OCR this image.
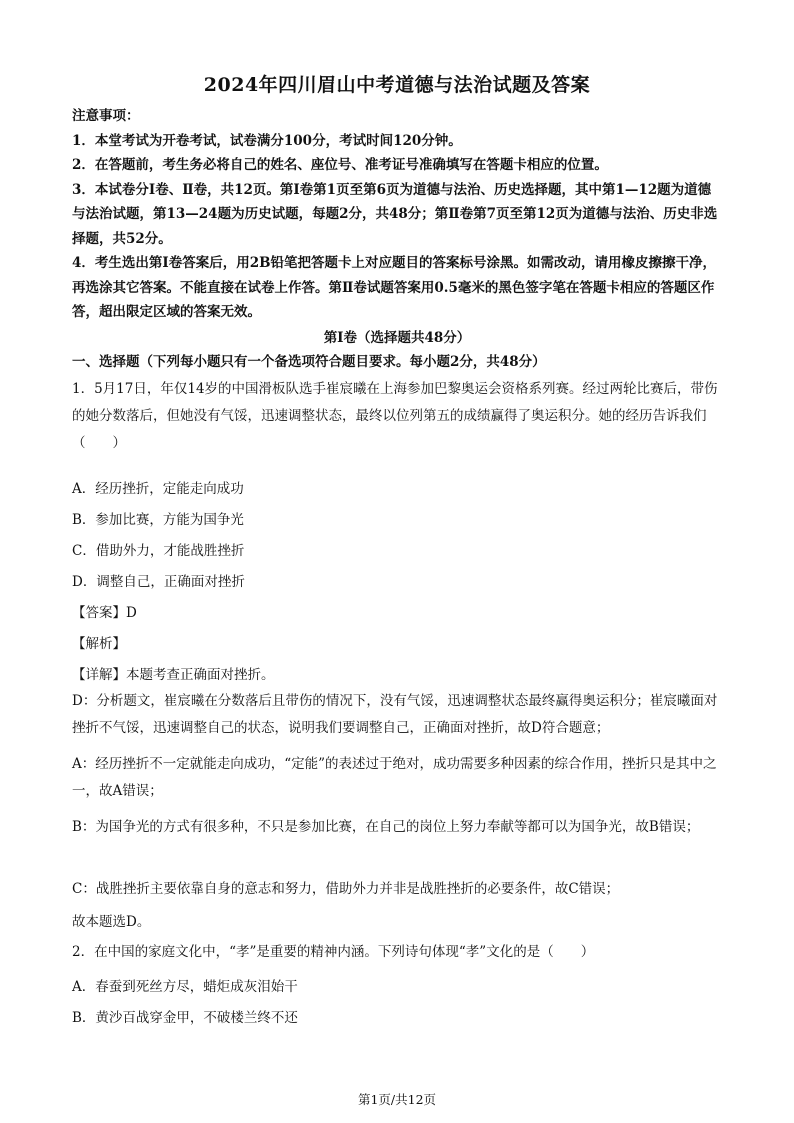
2024年四川眉山中考道德与法治试题及答案

注意事项：

1．本堂考试为开卷考试，试卷满分100分，考试时间120分钟。

2．在答题前，考生务必将自己的姓名、座位号、准考证号准确填写在答题卡相应的位置。

3．本试卷分Ⅰ卷、Ⅱ卷，共12页。第Ⅰ卷第1页至第6页为道德与法治、历史选择题，其中第1—12题为道德与法治试题，第13—24题为历史试题，每题2分，共48分；第Ⅱ卷第7页至第12页为道德与法治、历史非选择题，共52分。

4．考生选出第Ⅰ卷答案后，用2B铅笔把答题卡上对应题目的答案标号涂黑。如需改动，请用橡皮擦擦干净，再选涂其它答案。不能直接在试卷上作答。第Ⅱ卷试题答案用0.5毫米的黑色签字笔在答题卡相应的答题区作答，超出限定区域的答案无效。

第Ⅰ卷（选择题共48分）
一、选择题（下列每小题只有一个备选项符合题目要求。每小题2分，共48分）

1．5月17日，年仅14岁的中国滑板队选手崔宸曦在上海参加巴黎奥运会资格系列赛。经过两轮比赛后，带伤的她分数落后，但她没有气馁，迅速调整状态，最终以位列第五的成绩赢得了奥运积分。她的经历告诉我们（　　）

A．经历挫折，定能走向成功
B．参加比赛，方能为国争光
C．借助外力，才能战胜挫折
D．调整自己，正确面对挫折
【答案】D
【解析】
【详解】本题考查正确面对挫折。

D：分析题文，崔宸曦在分数落后且带伤的情况下，没有气馁，迅速调整状态最终赢得奥运积分；崔宸曦面对挫折不气馁，迅速调整自己的状态，说明我们要调整自己，正确面对挫折，故D符合题意；

A：经历挫折不一定就能走向成功，“定能”的表述过于绝对，成功需要多种因素的综合作用，挫折只是其中之一，故A错误；

B：为国争光的方式有很多种，不只是参加比赛，在自己的岗位上努力奉献等都可以为国争光，故B错误；

C：战胜挫折主要依靠自身的意志和努力，借助外力并非是战胜挫折的必要条件，故C错误；

故本题选D。

2．在中国的家庭文化中，“孝”是重要的精神内涵。下列诗句体现“孝”文化的是（　　）

A．春蚕到死丝方尽，蜡炬成灰泪始干
B．黄沙百战穿金甲，不破楼兰终不还
第1页/共12页
